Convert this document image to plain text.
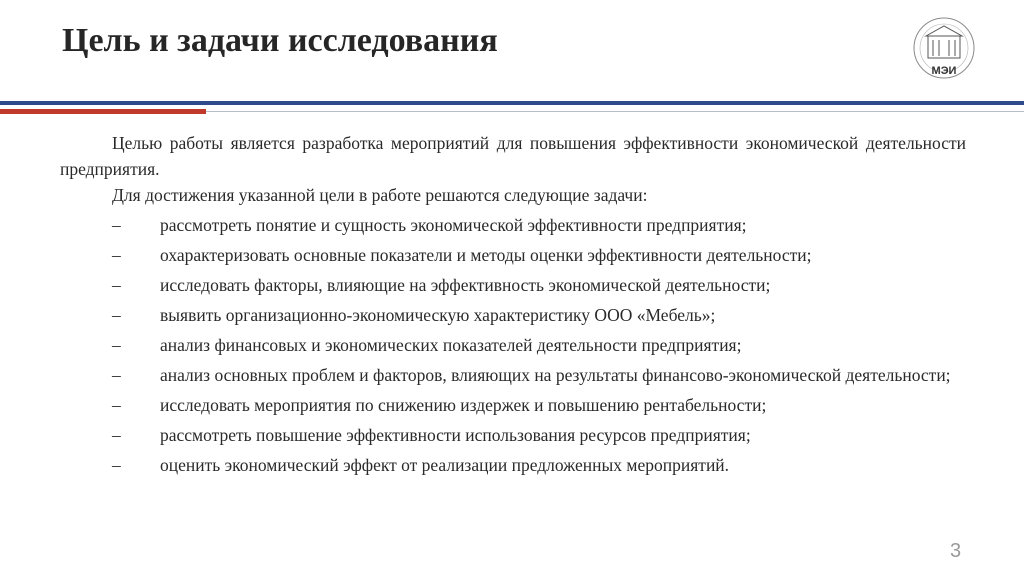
Цель и задачи исследования
МЭИ

Целью работы является разработка мероприятий для повышения эффективности экономической деятельности предприятия.

Для достижения указанной цели в работе решаются следующие задачи:

–	рассмотреть понятие и сущность экономической эффективности предприятия;
–	охарактеризовать основные показатели и методы оценки эффективности деятельности;
–	исследовать факторы, влияющие на эффективность экономической деятельности;
–	выявить организационно-экономическую характеристику ООО «Мебель»;
–	анализ финансовых и экономических показателей деятельности предприятия;
–	анализ основных проблем и факторов, влияющих на результаты финансово-экономической деятельности;
–	исследовать мероприятия по снижению издержек и повышению рентабельности;
–	рассмотреть повышение эффективности использования ресурсов предприятия;
–	оценить экономический эффект от реализации предложенных мероприятий.
3
